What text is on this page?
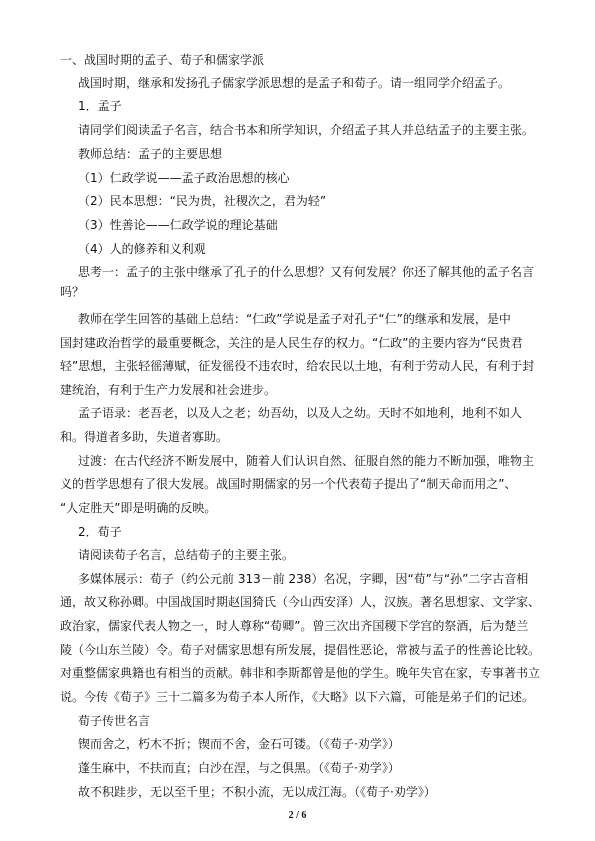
一、战国时期的孟子、荀子和儒家学派
战国时期，继承和发扬孔子儒家学派思想的是孟子和荀子。请一组同学介绍孟子。
1．孟子
请同学们阅读孟子名言，结合书本和所学知识，介绍孟子其人并总结孟子的主要主张。
教师总结：孟子的主要思想
（1）仁政学说——孟子政治思想的核心
（2）民本思想：“民为贵，社稷次之，君为轻”
（3）性善论——仁政学说的理论基础
（4）人的修养和义利观
思考一：孟子的主张中继承了孔子的什么思想？又有何发展？你还了解其他的孟子名言
吗？
教师在学生回答的基础上总结：“仁政”学说是孟子对孔子“仁”的继承和发展，是中
国封建政治哲学的最重要概念，关注的是人民生存的权力。“仁政”的主要内容为“民贵君
轻”思想，主张轻徭薄赋，征发徭役不违农时，给农民以土地，有利于劳动人民，有利于封
建统治，有利于生产力发展和社会进步。
孟子语录：老吾老，以及人之老；幼吾幼，以及人之幼。天时不如地利，地利不如人
和。得道者多助，失道者寡助。
过渡：在古代经济不断发展中，随着人们认识自然、征服自然的能力不断加强，唯物主
义的哲学思想有了很大发展。战国时期儒家的另一个代表荀子提出了“制天命而用之”、
“人定胜天”即是明确的反映。
2．荀子
请阅读荀子名言，总结荀子的主要主张。
多媒体展示：荀子（约公元前 313－前 238）名况，字卿，因“荀”与“孙”二字古音相
通，故又称孙卿。中国战国时期赵国猗氏（今山西安泽）人，汉族。著名思想家、文学家、
政治家，儒家代表人物之一，时人尊称“荀卿”。曾三次出齐国稷下学宫的祭酒，后为楚兰
陵（今山东兰陵）令。荀子对儒家思想有所发展，提倡性恶论，常被与孟子的性善论比较。
对重整儒家典籍也有相当的贡献。韩非和李斯都曾是他的学生。晚年失官在家，专事著书立
说。今传《荀子》三十二篇多为荀子本人所作，《大略》以下六篇，可能是弟子们的记述。
荀子传世名言
锲而舍之，朽木不折；锲而不舍，金石可镂。（《荀子·劝学》）
蓬生麻中，不扶而直；白沙在涅，与之俱黑。（《荀子·劝学》）
故不积跬步，无以至千里；不积小流，无以成江海。（《荀子·劝学》）
2 / 6
